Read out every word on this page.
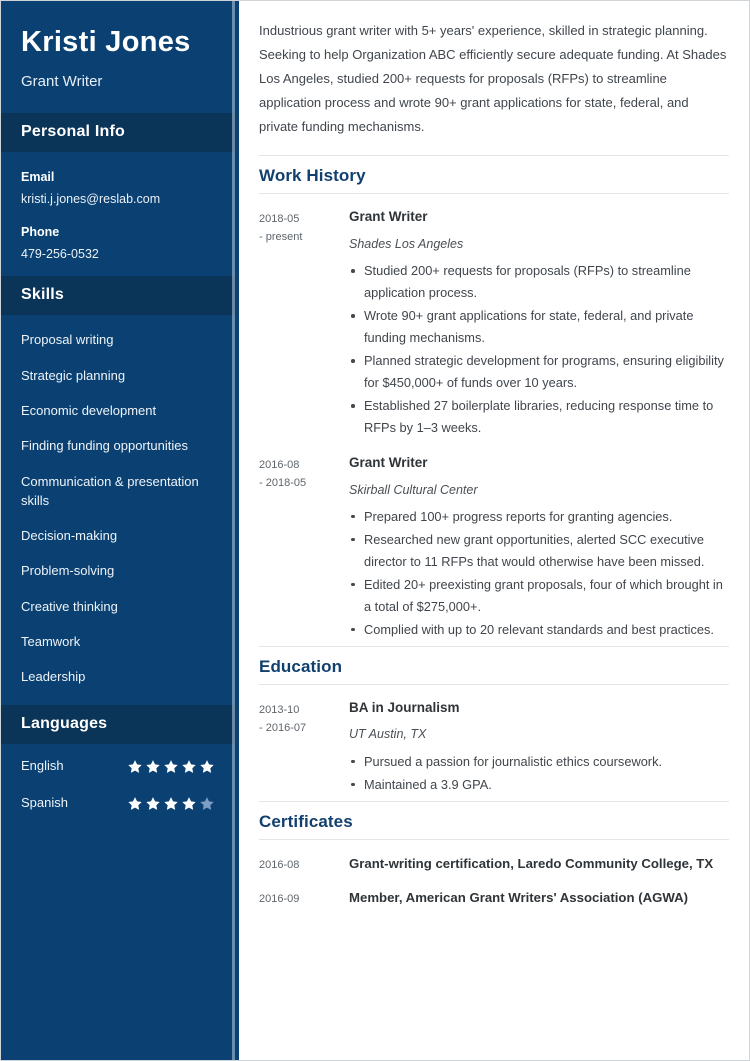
Kristi Jones
Grant Writer
Personal Info
Email
kristi.j.jones@reslab.com
Phone
479-256-0532
Skills
Proposal writing
Strategic planning
Economic development
Finding funding opportunities
Communication & presentation skills
Decision-making
Problem-solving
Creative thinking
Teamwork
Leadership
Languages
English
Spanish

Industrious grant writer with 5+ years' experience, skilled in strategic planning. Seeking to help Organization ABC efficiently secure adequate funding. At Shades Los Angeles, studied 200+ requests for proposals (RFPs) to streamline application process and wrote 90+ grant applications for state, federal, and private funding mechanisms.

Work History
2018-05
- present
Grant Writer
Shades Los Angeles
Studied 200+ requests for proposals (RFPs) to streamline application process.
Wrote 90+ grant applications for state, federal, and private funding mechanisms.
Planned strategic development for programs, ensuring eligibility for $450,000+ of funds over 10 years.
Established 27 boilerplate libraries, reducing response time to RFPs by 1–3 weeks.
2016-08
- 2018-05
Grant Writer
Skirball Cultural Center
Prepared 100+ progress reports for granting agencies.
Researched new grant opportunities, alerted SCC executive director to 11 RFPs that would otherwise have been missed.
Edited 20+ preexisting grant proposals, four of which brought in a total of $275,000+.
Complied with up to 20 relevant standards and best practices.
Education
2013-10
- 2016-07
BA in Journalism
UT Austin, TX
Pursued a passion for journalistic ethics coursework.
Maintained a 3.9 GPA.
Certificates
2016-08	Grant-writing certification, Laredo Community College, TX
2016-09	Member, American Grant Writers' Association (AGWA)
